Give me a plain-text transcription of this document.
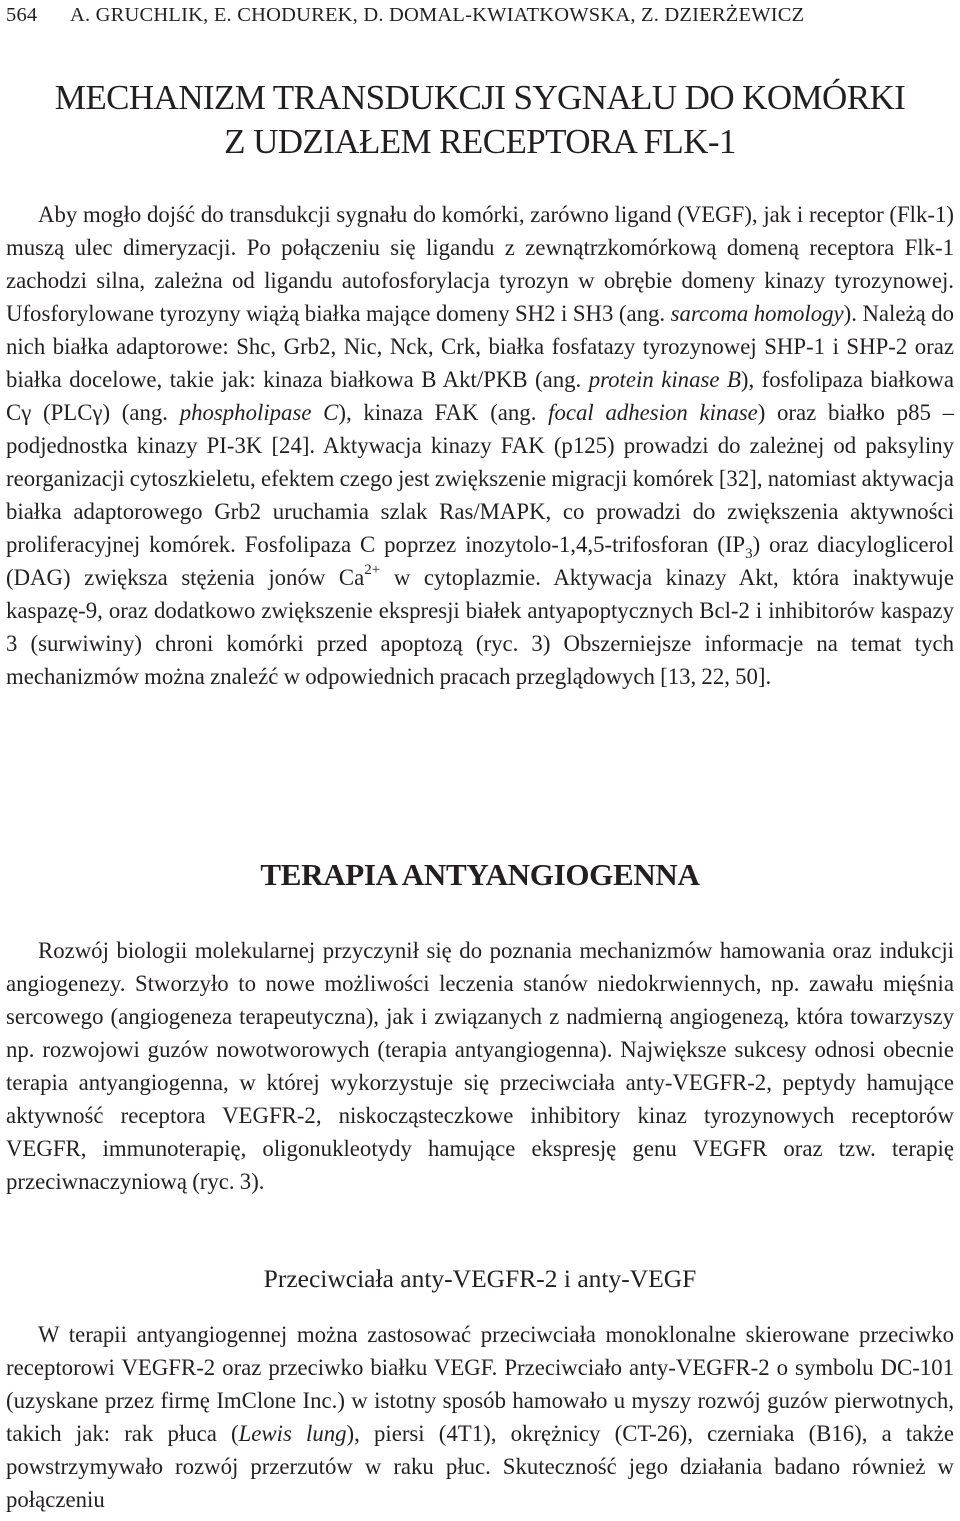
564 A. GRUCHLIK, E. CHODUREK, D. DOMAL-KWIATKOWSKA, Z. DZIERŻEWICZ
MECHANIZM TRANSDUKCJI SYGNAŁU DO KOMÓRKI
Z UDZIAŁEM RECEPTORA FLK-1

Aby mogło dojść do transdukcji sygnału do komórki, zarówno ligand (VEGF), jak i receptor (Flk-1) muszą ulec dimeryzacji. Po połączeniu się ligandu z zewnątrzkomórkową domeną receptora Flk-1 zachodzi silna, zależna od ligandu autofosforylacja tyrozyn w obrębie domeny kinazy tyrozynowej. Ufosforylowane tyrozyny wiążą białka mające domeny SH2 i SH3 (ang. sarcoma homology). Należą do nich białka adaptorowe: Shc, Grb2, Nic, Nck, Crk, białka fosfatazy tyrozynowej SHP-1 i SHP-2 oraz białka docelowe, takie jak: kinaza białkowa B Akt/PKB (ang. protein kinase B), fosfolipaza białkowa Cγ (PLCγ) (ang. phospholipase C), kinaza FAK (ang. focal adhesion kinase) oraz białko p85 – podjednostka kinazy PI-3K [24]. Aktywacja kinazy FAK (p125) prowadzi do zależnej od paksyliny reorganizacji cytoszkieletu, efektem czego jest zwiększenie migracji komórek [32], natomiast aktywacja białka adaptorowego Grb2 uruchamia szlak Ras/MAPK, co prowadzi do zwiększenia aktywności proliferacyjnej komórek. Fosfolipaza C poprzez inozytolo-1,4,5-trifosforan $(IP_3)$ oraz diacyloglicerol (DAG) zwiększa stężenia jonów $Ca^{2+}$ w cytoplazmie. Aktywacja kinazy Akt, która inaktywuje kaspazę-9, oraz dodatkowo zwiększenie ekspresji białek antyapoptycznych Bcl-2 i inhibitorów kaspazy 3 (surwiwiny) chroni komórki przed apoptozą (ryc. 3) Obszerniejsze informacje na temat tych mechanizmów można znaleźć w odpowiednich pracach przeglądowych [13, 22, 50].

TERAPIA ANTYANGIOGENNA

Rozwój biologii molekularnej przyczynił się do poznania mechanizmów hamowania oraz indukcji angiogenezy. Stworzyło to nowe możliwości leczenia stanów niedokrwiennych, np. zawału mięśnia sercowego (angiogeneza terapeutyczna), jak i związanych z nadmierną angiogenezą, która towarzyszy np. rozwojowi guzów nowotworowych (terapia antyangiogenna). Największe sukcesy odnosi obecnie terapia antyangiogenna, w której wykorzystuje się przeciwciała anty-VEGFR-2, peptydy hamujące aktywność receptora VEGFR-2, niskocząsteczkowe inhibitory kinaz tyrozynowych receptorów VEGFR, immunoterapię, oligonukleotydy hamujące ekspresję genu VEGFR oraz tzw. terapię przeciwnaczyniową (ryc. 3).

Przeciwciała anty-VEGFR-2 i anty-VEGF

W terapii antyangiogennej można zastosować przeciwciała monoklonalne skierowane przeciwko receptorowi VEGFR-2 oraz przeciwko białku VEGF. Przeciwciało anty-VEGFR-2 o symbolu DC-101 (uzyskane przez firmę ImClone Inc.) w istotny sposób hamowało u myszy rozwój guzów pierwotnych, takich jak: rak płuca (Lewis lung), piersi (4T1), okrężnicy (CT-26), czerniaka (B16), a także powstrzymywało rozwój przerzutów w raku płuc. Skuteczność jego działania badano również w połączeniu
